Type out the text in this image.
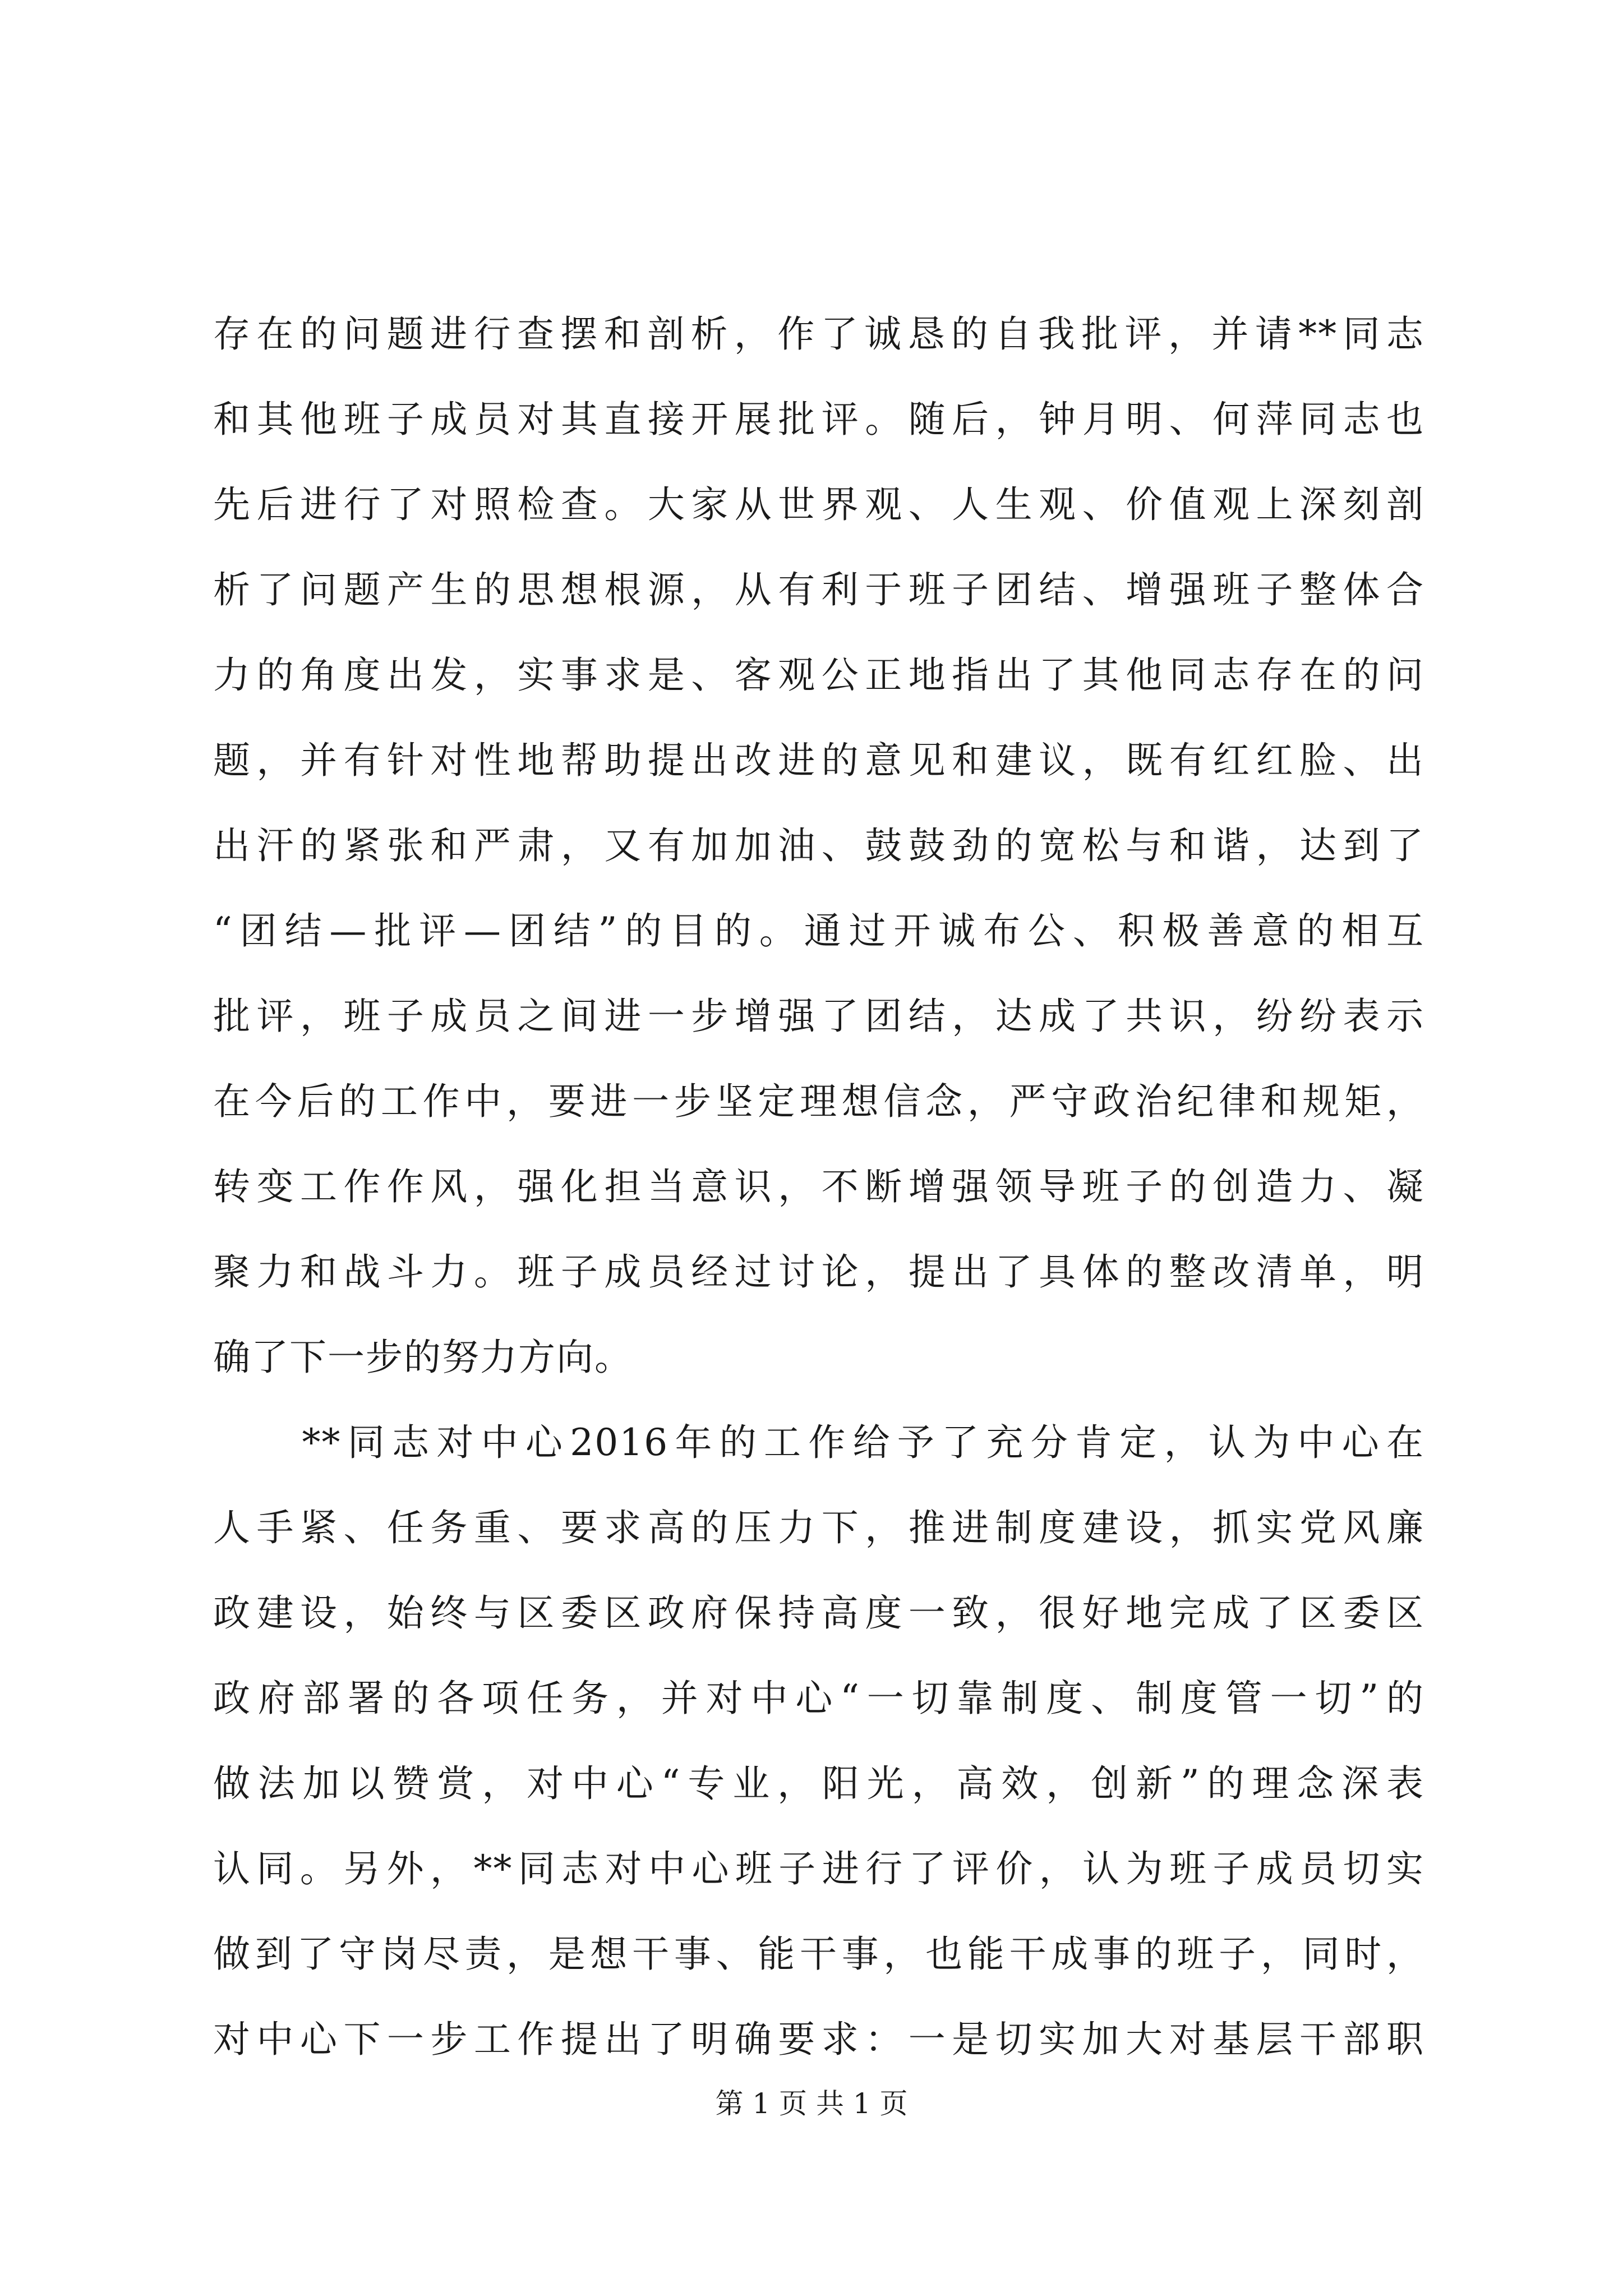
存在的问题进行查摆和剖析，作了诚恳的自我批评，并请**同志
和其他班子成员对其直接开展批评。随后，钟月明、何萍同志也
先后进行了对照检查。大家从世界观、人生观、价值观上深刻剖
析了问题产生的思想根源，从有利于班子团结、增强班子整体合
力的角度出发，实事求是、客观公正地指出了其他同志存在的问
题，并有针对性地帮助提出改进的意见和建议，既有红红脸、出
出汗的紧张和严肃，又有加加油、鼓鼓劲的宽松与和谐，达到了
“团结—批评—团结”的目的。通过开诚布公、积极善意的相互
批评，班子成员之间进一步增强了团结，达成了共识，纷纷表示
在今后的工作中，要进一步坚定理想信念，严守政治纪律和规矩，
转变工作作风，强化担当意识，不断增强领导班子的创造力、凝
聚力和战斗力。班子成员经过讨论，提出了具体的整改清单，明
确了下一步的努力方向。
　　**同志对中心2016年的工作给予了充分肯定，认为中心在
人手紧、任务重、要求高的压力下，推进制度建设，抓实党风廉
政建设，始终与区委区政府保持高度一致，很好地完成了区委区
政府部署的各项任务，并对中心“一切靠制度、制度管一切”的
做法加以赞赏，对中心“专业，阳光，高效，创新”的理念深表
认同。另外，**同志对中心班子进行了评价，认为班子成员切实
做到了守岗尽责，是想干事、能干事，也能干成事的班子，同时，
对中心下一步工作提出了明确要求：一是切实加大对基层干部职
第 1 页 共 1 页
